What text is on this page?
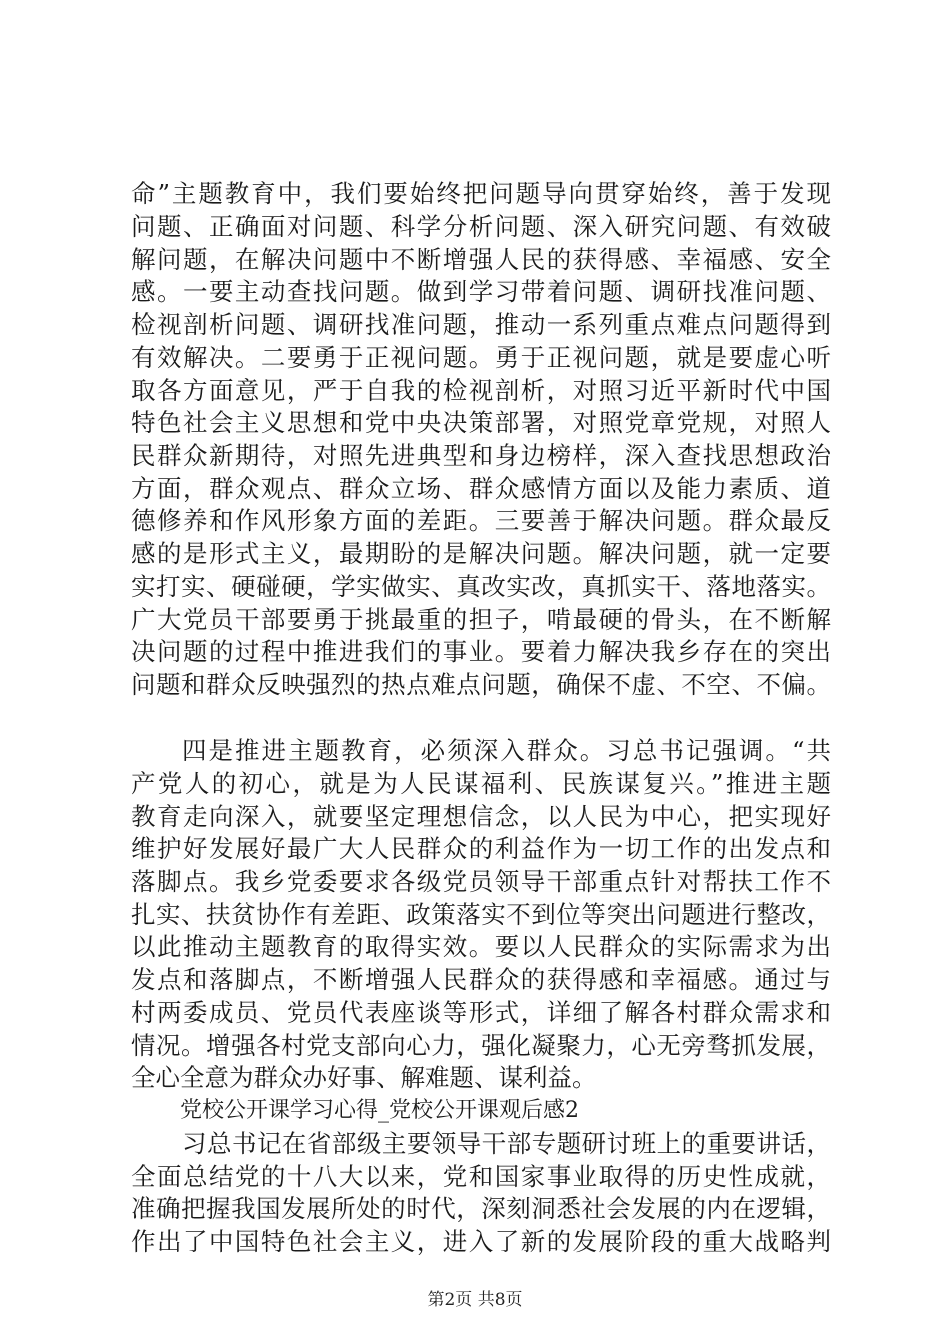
命”主题教育中，我们要始终把问题导向贯穿始终，善于发现
问题、正确面对问题、科学分析问题、深入研究问题、有效破
解问题，在解决问题中不断增强人民的获得感、幸福感、安全
感。一要主动查找问题。做到学习带着问题、调研找准问题、
检视剖析问题、调研找准问题，推动一系列重点难点问题得到
有效解决。二要勇于正视问题。勇于正视问题，就是要虚心听
取各方面意见，严于自我的检视剖析，对照习近平新时代中国
特色社会主义思想和党中央决策部署，对照党章党规，对照人
民群众新期待，对照先进典型和身边榜样，深入查找思想政治
方面，群众观点、群众立场、群众感情方面以及能力素质、道
德修养和作风形象方面的差距。三要善于解决问题。群众最反
感的是形式主义，最期盼的是解决问题。解决问题，就一定要
实打实、硬碰硬，学实做实、真改实改，真抓实干、落地落实。
广大党员干部要勇于挑最重的担子，啃最硬的骨头，在不断解
决问题的过程中推进我们的事业。要着力解决我乡存在的突出
问题和群众反映强烈的热点难点问题，确保不虚、不空、不偏。
四是推进主题教育，必须深入群众。习总书记强调。“共
产党人的初心，就是为人民谋福利、民族谋复兴。”推进主题
教育走向深入，就要坚定理想信念，以人民为中心，把实现好
维护好发展好最广大人民群众的利益作为一切工作的出发点和
落脚点。我乡党委要求各级党员领导干部重点针对帮扶工作不
扎实、扶贫协作有差距、政策落实不到位等突出问题进行整改，
以此推动主题教育的取得实效。要以人民群众的实际需求为出
发点和落脚点，不断增强人民群众的获得感和幸福感。通过与
村两委成员、党员代表座谈等形式，详细了解各村群众需求和
情况。增强各村党支部向心力，强化凝聚力，心无旁骛抓发展，
全心全意为群众办好事、解难题、谋利益。
党校公开课学习心得_党校公开课观后感2
习总书记在省部级主要领导干部专题研讨班上的重要讲话，
全面总结党的十八大以来，党和国家事业取得的历史性成就，
准确把握我国发展所处的时代，深刻洞悉社会发展的内在逻辑，
作出了中国特色社会主义，进入了新的发展阶段的重大战略判
第2页 共8页
